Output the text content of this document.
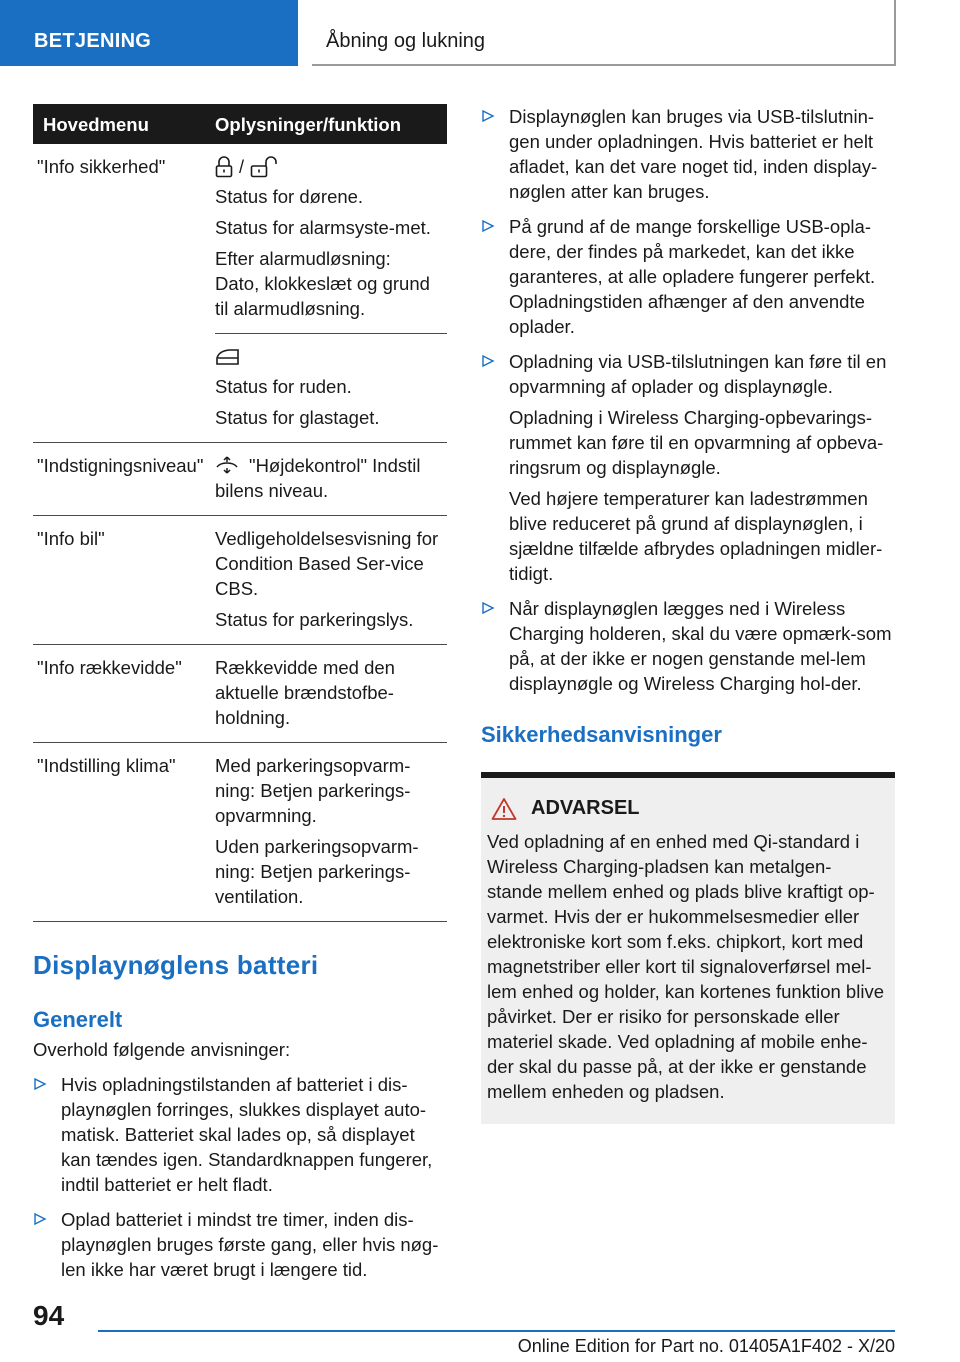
BETJENING	Åbning og lukning
Hovedmenu	Oplysninger/funktion
"Info sikkerhed"	/
Status for dørene.
Status for alarmsyste-met.
Efter alarmudløsning: Dato, klokkeslæt og grund til alarmudløsning.

	Status for ruden.
Status for glastaget.

"Indstigningsniveau"	"Højdekontrol" Indstil bilens niveau.

"Info bil"	Vedligeholdelsesvisning for Condition Based Ser-vice CBS.
Status for parkeringslys.

"Info rækkevidde"	Rækkevidde med den aktuelle brændstofbe-holdning.

"Indstilling klima"	Med parkeringsopvarm-ning: Betjen parkerings-opvarmning.
Uden parkeringsopvarm-ning: Betjen parkerings-ventilation.
Displaynøglens batteri
Generelt
Overhold følgende anvisninger:
Hvis opladningstilstanden af batteriet i dis-playnøglen forringes, slukkes displayet auto-matisk. Batteriet skal lades op, så displayet kan tændes igen. Standardknappen fungerer, indtil batteriet er helt fladt.
Oplad batteriet i mindst tre timer, inden dis-playnøglen bruges første gang, eller hvis nøg-len ikke har været brugt i længere tid.
Displaynøglen kan bruges via USB-tilslutnin-gen under opladningen. Hvis batteriet er helt afladet, kan det vare noget tid, inden display-nøglen atter kan bruges.
På grund af de mange forskellige USB-opla-dere, der findes på markedet, kan det ikke garanteres, at alle opladere fungerer perfekt. Opladningstiden afhænger af den anvendte oplader.
Opladning via USB-tilslutningen kan føre til en opvarmning af oplader og displaynøgle.
Opladning i Wireless Charging-opbevarings-rummet kan føre til en opvarmning af opbeva-ringsrum og displaynøgle.
Ved højere temperaturer kan ladestrømmen blive reduceret på grund af displaynøglen, i sjældne tilfælde afbrydes opladningen midler-tidigt.
Når displaynøglen lægges ned i Wireless Charging holderen, skal du være opmærk-som på, at der ikke er nogen genstande mel-lem displaynøgle og Wireless Charging hol-der.
Sikkerhedsanvisninger
ADVARSEL
Ved opladning af en enhed med Qi-standard i Wireless Charging-pladsen kan metalgen-stande mellem enhed og plads blive kraftigt op-varmet. Hvis der er hukommelsesmedier eller elektroniske kort som f.eks. chipkort, kort med magnetstriber eller kort til signaloverførsel mel-lem enhed og holder, kan kortenes funktion blive påvirket. Der er risiko for personskade eller materiel skade. Ved opladning af mobile enhe-der skal du passe på, at der ikke er genstande mellem enheden og pladsen.
94
Online Edition for Part no. 01405A1F402 - X/20
